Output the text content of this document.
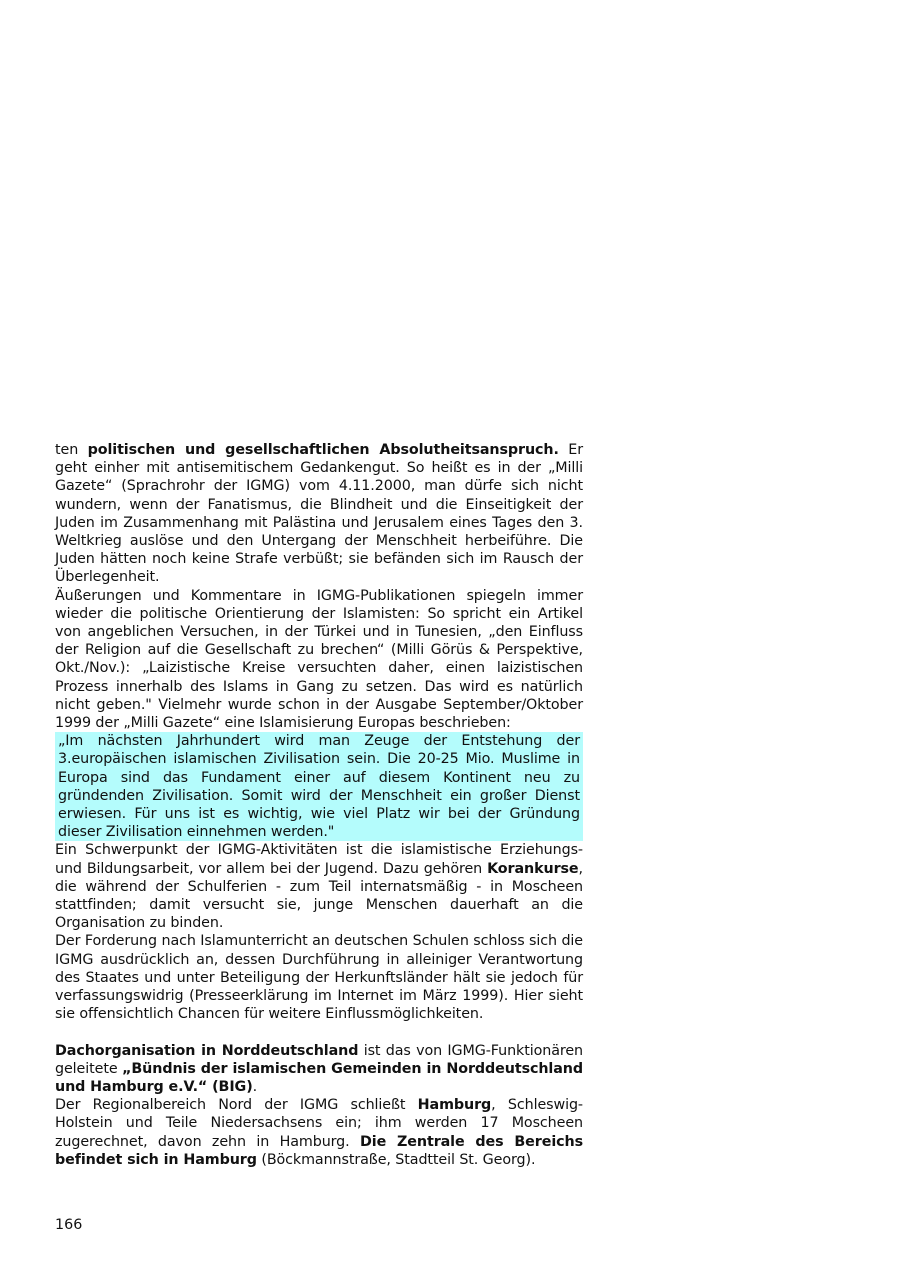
ten politischen und gesellschaftlichen Absolutheitsanspruch. Er geht einher mit antisemitischem Gedankengut. So heißt es in der „Milli Gazete“ (Sprachrohr der IGMG) vom 4.11.2000, man dürfe sich nicht wundern, wenn der Fanatismus, die Blindheit und die Einseitigkeit der Juden im Zusammenhang mit Palästina und Jerusalem eines Tages den 3. Weltkrieg auslöse und den Untergang der Menschheit herbeiführe. Die Juden hätten noch keine Strafe verbüßt; sie befänden sich im Rausch der Überlegenheit.

Äußerungen und Kommentare in IGMG-Publikationen spiegeln immer wieder die politische Orientierung der Islamisten: So spricht ein Artikel von angeblichen Versuchen, in der Türkei und in Tunesien, „den Einfluss der Religion auf die Gesellschaft zu brechen“ (Milli Görüs & Perspektive, Okt./Nov.): „Laizistische Kreise versuchten daher, einen laizistischen Prozess innerhalb des Islams in Gang zu setzen. Das wird es natürlich nicht geben." Vielmehr wurde schon in der Ausgabe September/Oktober 1999 der „Milli Gazete“ eine Islamisierung Europas beschrieben:

„Im nächsten Jahrhundert wird man Zeuge der Entstehung der 3.europäischen islamischen Zivilisation sein. Die 20-25 Mio. Muslime in Europa sind das Fundament einer auf diesem Kontinent neu zu gründenden Zivilisation. Somit wird der Menschheit ein großer Dienst erwiesen. Für uns ist es wichtig, wie viel Platz wir bei der Gründung dieser Zivilisation einnehmen werden."

Ein Schwerpunkt der IGMG-Aktivitäten ist die islamistische Erziehungs- und Bildungsarbeit, vor allem bei der Jugend. Dazu gehören Korankurse, die während der Schulferien - zum Teil internatsmäßig - in Moscheen stattfinden; damit versucht sie, junge Menschen dauerhaft an die Organisation zu binden.

Der Forderung nach Islamunterricht an deutschen Schulen schloss sich die IGMG ausdrücklich an, dessen Durchführung in alleiniger Verantwortung des Staates und unter Beteiligung der Herkunftsländer hält sie jedoch für verfassungswidrig (Presseerklärung im Internet im März 1999). Hier sieht sie offensichtlich Chancen für weitere Einflussmöglichkeiten.

Dachorganisation in Norddeutschland ist das von IGMG-Funktionären geleitete „Bündnis der islamischen Gemeinden in Norddeutschland und Hamburg e.V.“ (BIG).

Der Regionalbereich Nord der IGMG schließt Hamburg, Schleswig-Holstein und Teile Niedersachsens ein; ihm werden 17 Moscheen zugerechnet, davon zehn in Hamburg. Die Zentrale des Bereichs befindet sich in Hamburg (Böckmannstraße, Stadtteil St. Georg).

166
